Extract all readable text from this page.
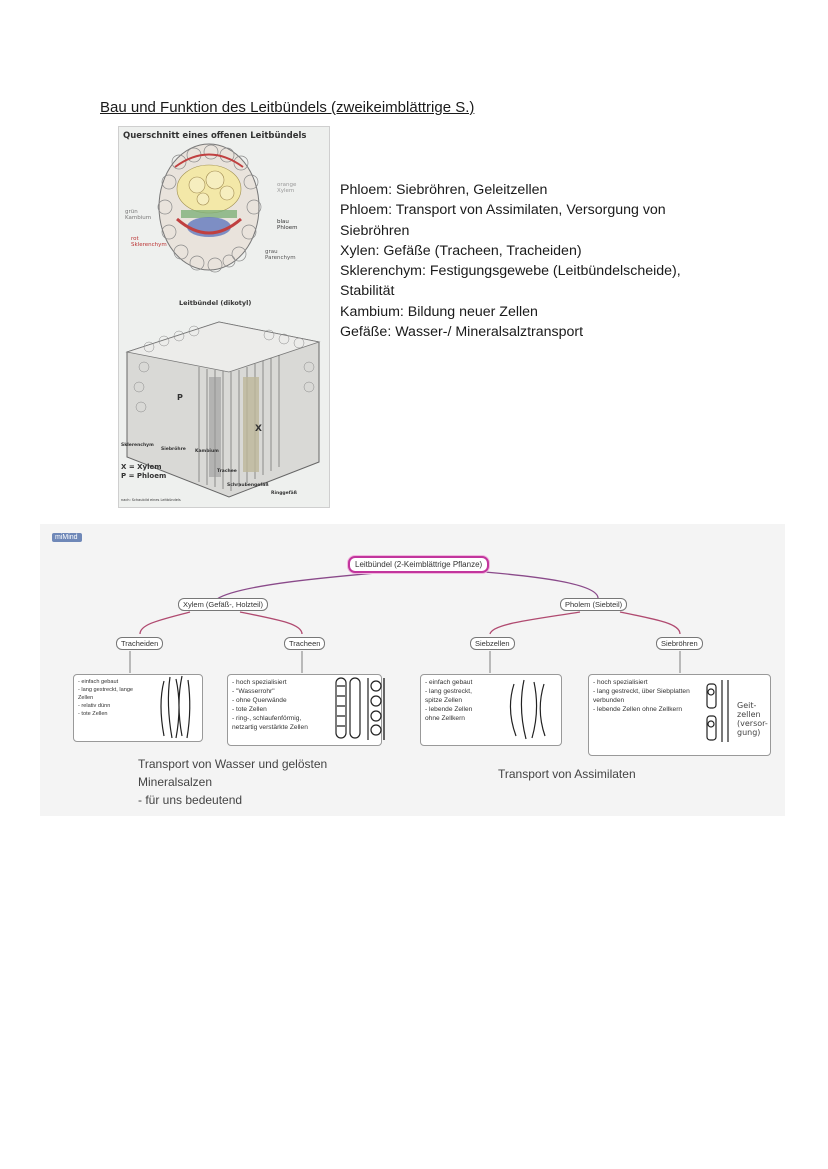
Bau und Funktion des Leitbündels (zweikeimblättrige S.)
Querschnitt eines offenen Leitbündels
orange
Xylem
grün
Kambium
rot
Sklerenchym
blau
Phloem
grau
Parenchym
Leitbündel (dikotyl)
X
P
Sklerenchym
Siebröhre Kambium
Trachee
Schraubengefäß
Ringgefäß
X = Xylem
P = Phloem
nach: Schaubild eines Leitbündels
Phloem: Siebröhren, Geleitzellen
Phloem: Transport von Assimilaten, Versorgung von Siebröhren
Xylen: Gefäße (Tracheen, Tracheiden)
Sklerenchym: Festigungsgewebe (Leitbündelscheide), Stabilität
Kambium: Bildung neuer Zellen
Gefäße: Wasser-/ Mineralsalztransport
miMind
Leitbündel (2-Keimblättrige Pflanze)
Xylem (Gefäß-, Holzteil)	Pholem (Siebteil)
Tracheiden	Tracheen	Siebzellen	Siebröhren
- einfach gebaut
- lang gestreckt, lange
Zellen
- relativ dünn
- tote Zellen
- hoch spezialisiert
- "Wasserrohr"
- ohne Querwände
- tote Zellen
- ring-, schlaufenförmig,
netzartig verstärkte Zellen
- einfach gebaut
- lang gestreckt,
spitze Zellen
- lebende Zellen
ohne Zellkern
- hoch spezialisiert
- lang gestreckt, über Siebplatten
verbunden
- lebende Zellen ohne Zellkern	Geit-
zellen
(versor-
gung)
Transport von Wasser und gelösten
Mineralsalzen
- für uns bedeutend
Transport von Assimilaten
